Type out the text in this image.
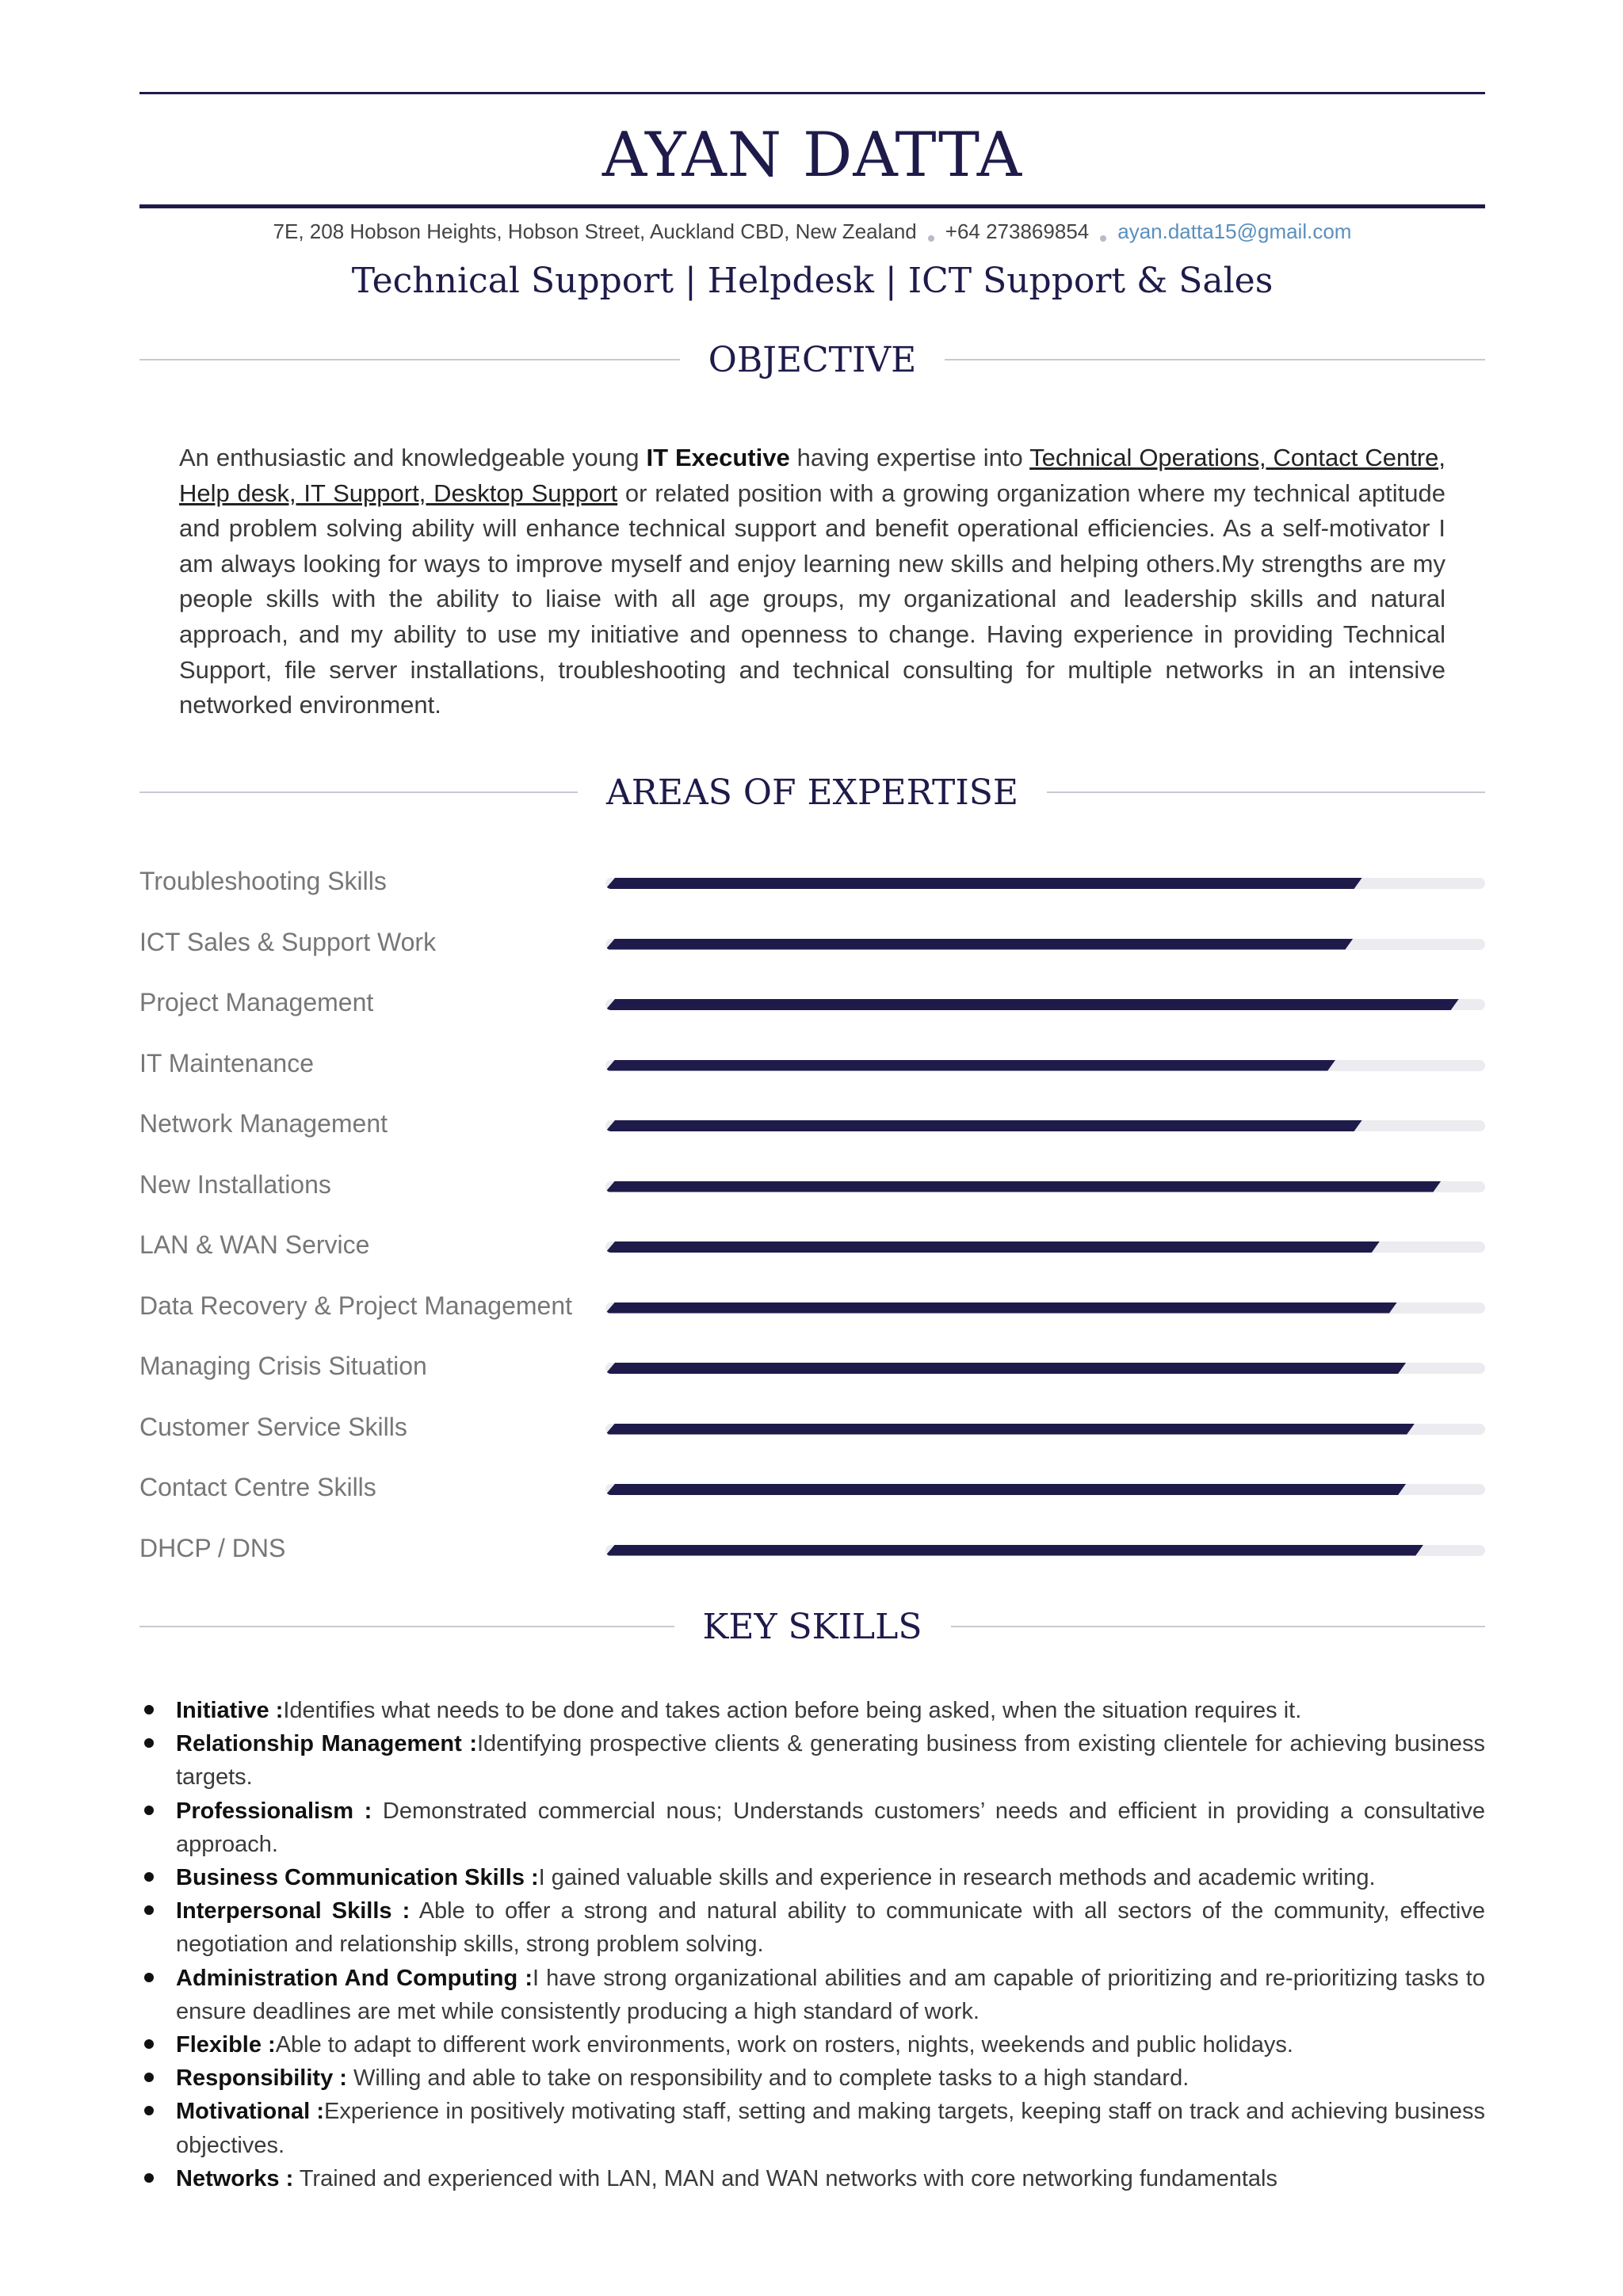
AYAN DATTA
7E, 208 Hobson Heights, Hobson Street, Auckland CBD, New Zealand +64 273869854 ayan.datta15@gmail.com
Technical Support | Helpdesk | ICT Support & Sales
OBJECTIVE
An enthusiastic and knowledgeable young IT Executive having expertise into Technical Operations, Contact Centre, Help desk, IT Support, Desktop Support or related position with a growing organization where my technical aptitude and problem solving ability will enhance technical support and benefit operational efficiencies. As a self-motivator I am always looking for ways to improve myself and enjoy learning new skills and helping others.My strengths are my people skills with the ability to liaise with all age groups, my organizational and leadership skills and natural approach, and my ability to use my initiative and openness to change. Having experience in providing Technical Support, ﬁle server installations, troubleshooting and technical consulting for multiple networks in an intensive networked environment.
AREAS OF EXPERTISE
Troubleshooting Skills
ICT Sales & Support Work
Project Management
IT Maintenance
Network Management
New Installations
LAN & WAN Service
Data Recovery & Project Management
Managing Crisis Situation
Customer Service Skills
Contact Centre Skills
DHCP / DNS
KEY SKILLS
Initiative :Identiﬁes what needs to be done and takes action before being asked, when the situation requires it.
Relationship Management :Identifying prospective clients & generating business from existing clientele for achieving business targets.
Professionalism : Demonstrated commercial nous; Understands customers’ needs and efficient in providing a consultative approach.
Business Communication Skills :I gained valuable skills and experience in research methods and academic writing.
Interpersonal Skills : Able to offer a strong and natural ability to communicate with all sectors of the community, effective negotiation and relationship skills, strong problem solving.
Administration And Computing :I have strong organizational abilities and am capable of prioritizing and re-prioritizing tasks to ensure deadlines are met while consistently producing a high standard of work.
Flexible :Able to adapt to different work environments, work on rosters, nights, weekends and public holidays.
Responsibility : Willing and able to take on responsibility and to complete tasks to a high standard.
Motivational :Experience in positively motivating staff, setting and making targets, keeping staff on track and achieving business objectives.
Networks : Trained and experienced with LAN, MAN and WAN networks with core networking fundamentals
